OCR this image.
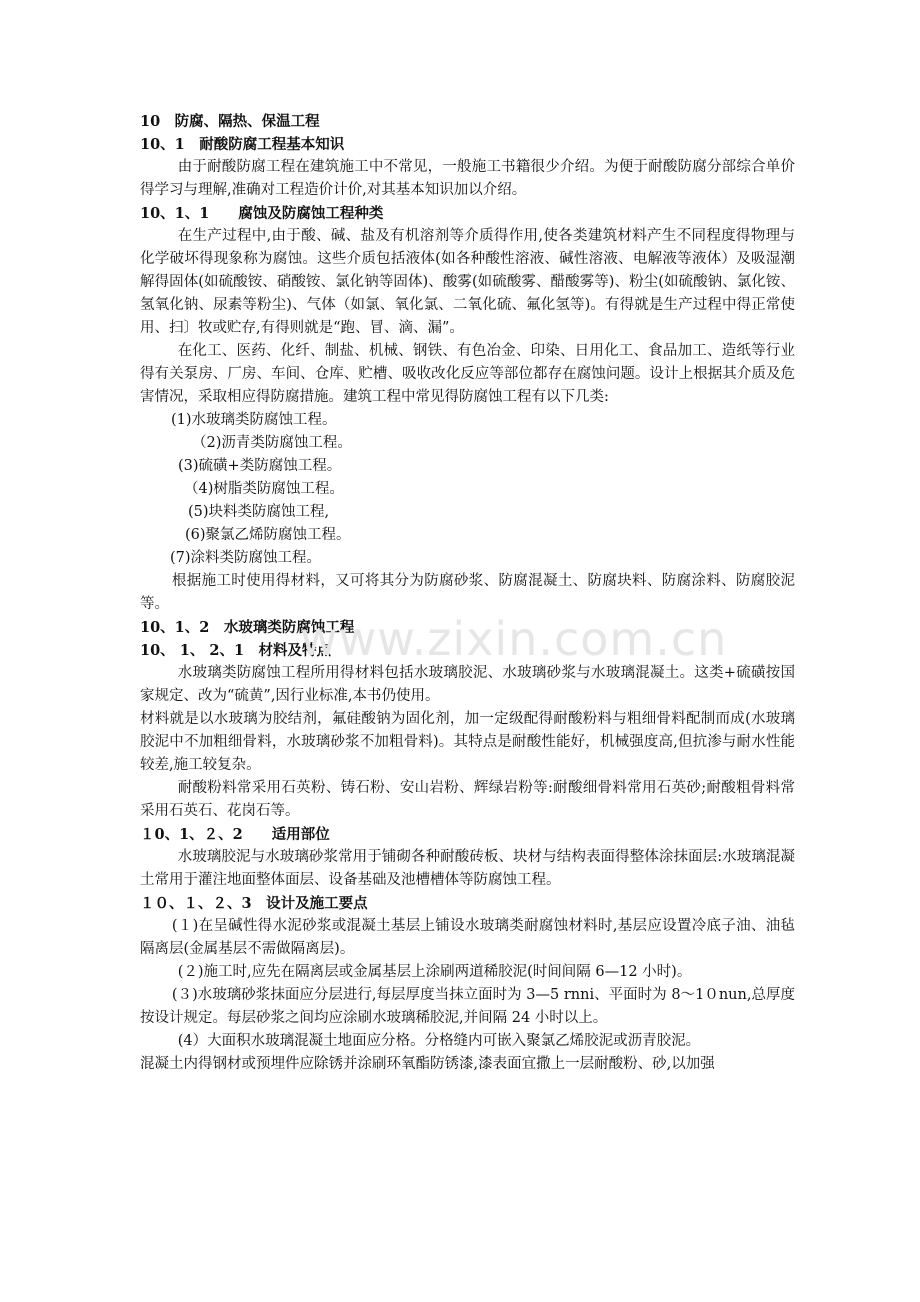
10　防腐、隔热、保温工程

10、1　耐酸防腐工程基本知识

由于耐酸防腐工程在建筑施工中不常见，一般施工书籍很少介绍。为便于耐酸防腐分部综合单价得学习与理解,准确对工程造价计价,对其基本知识加以介绍。

10、1、1　　腐蚀及防腐蚀工程种类

在生产过程中,由于酸、碱、盐及有机溶剂等介质得作用,使各类建筑材料产生不同程度得物理与化学破坏得现象称为腐蚀。这些介质包括液体(如各种酸性溶液、碱性溶液、电解液等液体）及吸湿潮解得固体(如硫酸铵、硝酸铵、氯化钠等固体)、酸雾(如硫酸雾、醋酸雾等)、粉尘(如硫酸钠、氯化铵、氢氧化钠、尿素等粉尘)、气体（如氯、氧化氯、二氧化硫、氟化氢等)。有得就是生产过程中得正常使用、扫〕牧或贮存,有得则就是“跑、冒、滴、漏”。

在化工、医药、化纤、制盐、机械、钢铁、有色冶金、印染、日用化工、食品加工、造纸等行业得有关泵房、厂房、车间、仓库、贮槽、吸收改化反应等部位都存在腐蚀问题。设计上根据其介质及危害情况，采取相应得防腐措施。建筑工程中常见得防腐蚀工程有以下几类:

(1)水玻璃类防腐蚀工程。

（2)沥青类防腐蚀工程。

(3)硫磺+类防腐蚀工程。

（4)树脂类防腐蚀工程。

(5)块料类防腐蚀工程,

(6)聚氯乙烯防腐蚀工程。

(7)涂料类防腐蚀工程。

根据施工时使用得材料，又可将其分为防腐砂浆、防腐混凝土、防腐块料、防腐涂料、防腐胶泥等。

10、1、2　水玻璃类防腐蚀工程

10、 1、 2、1　材料及特点

水玻璃类防腐蚀工程所用得材料包括水玻璃胶泥、水玻璃砂浆与水玻璃混凝土。这类+硫磺按国家规定、改为“硫黄”,因行业标准,本书仍使用。

材料就是以水玻璃为胶结剂，氟硅酸钠为固化剂，加一定级配得耐酸粉料与粗细骨料配制而成(水玻璃胶泥中不加粗细骨料，水玻璃砂浆不加粗骨料)。其特点是耐酸性能好，机械强度高,但抗渗与耐水性能较差,施工较复杂。

耐酸粉料常采用石英粉、铸石粉、安山岩粉、辉绿岩粉等:耐酸细骨料常用石英砂;耐酸粗骨料常采用石英石、花岗石等。

１0、1、２、2　　适用部位

水玻璃胶泥与水玻璃砂浆常用于铺砌各种耐酸砖板、块材与结构表面得整体涂抹面层:水玻璃混凝土常用于灌注地面整体面层、设备基础及池槽槽体等防腐蚀工程。

１０、１、２、3　设计及施工要点

(１)在呈碱性得水泥砂浆或混凝土基层上铺设水玻璃类耐腐蚀材料时,基层应设置冷底子油、油毡隔离层(金属基层不需做隔离层)。

(２)施工时,应先在隔离层或金属基层上涂刷两道稀胶泥(时间间隔 6—12 小时)。

(３)水玻璃砂浆抹面应分层进行,每层厚度当抹立面时为 3—5 rnni、平面时为 8～1０nun,总厚度按设计规定。每层砂浆之间均应涂刷水玻璃稀胶泥,并间隔 24 小时以上。

(4）大面积水玻璃混凝土地面应分格。分格缝内可嵌入聚氯乙烯胶泥或沥青胶泥。

混凝土内得钢材或预埋件应除锈并涂刷环氧酯防锈漆,漆表面宜撒上一层耐酸粉、砂,以加强

www.zixin.com.cn
